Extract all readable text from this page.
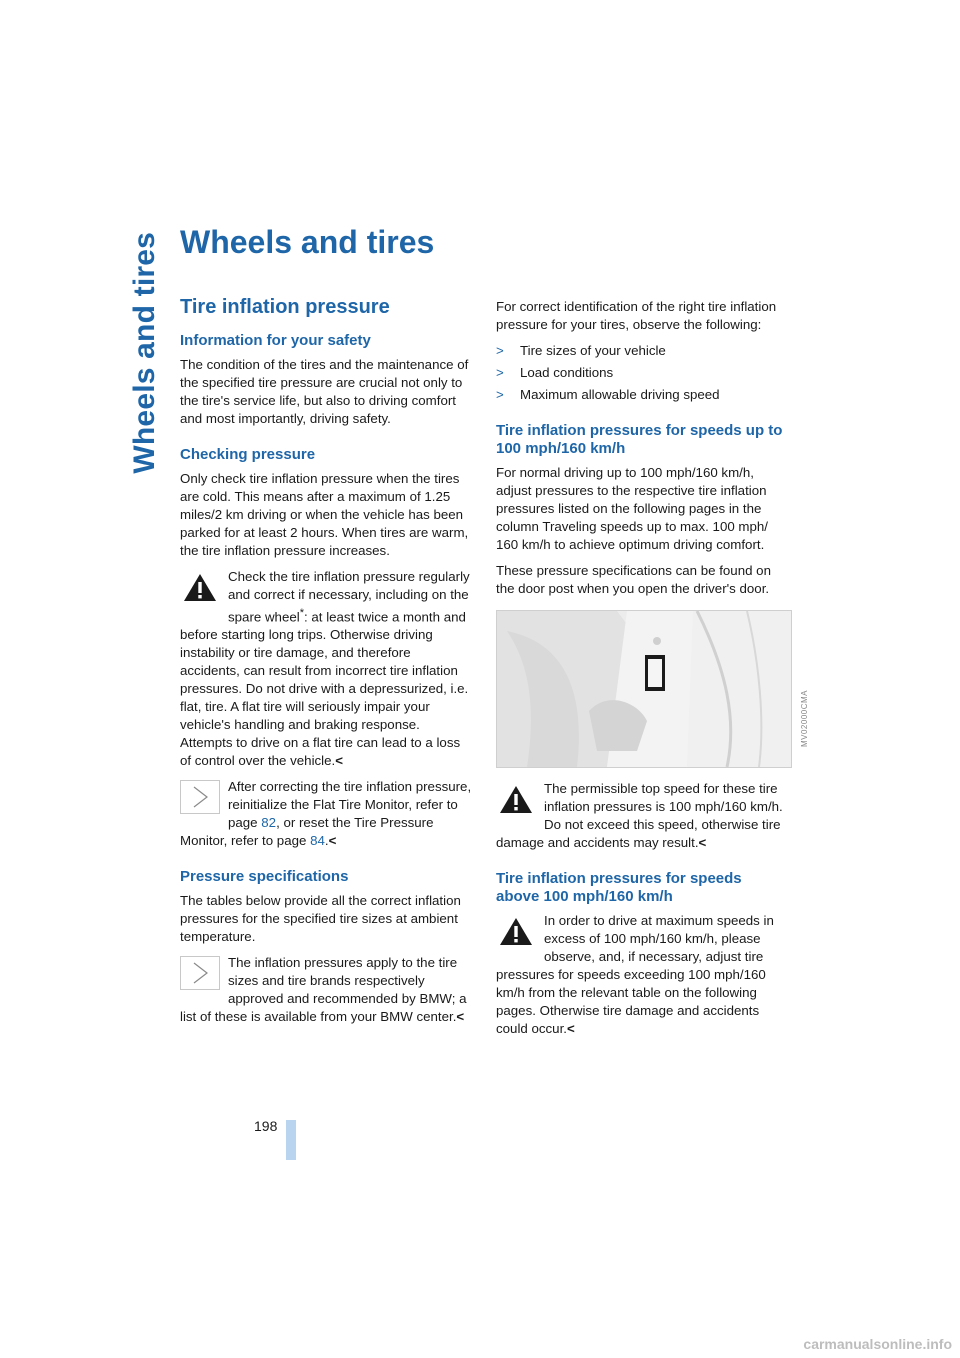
Wheels and tires Wheels and tires
Tire inflation pressure
Information for your safety

The condition of the tires and the maintenance of the specified tire pressure are crucial not only to the tire's service life, but also to driving comfort and most importantly, driving safety.

Checking pressure

Only check tire inflation pressure when the tires are cold. This means after a maximum of 1.25 miles/2 km driving or when the vehicle has been parked for at least 2 hours. When tires are warm, the tire inflation pressure increases.

Check the tire inflation pressure regularly and correct if necessary, including on the spare wheel*: at least twice a month and before starting long trips. Otherwise driving instability or tire damage, and therefore accidents, can result from incorrect tire inflation pressures. Do not drive with a depressurized, i.e. flat, tire. A flat tire will seriously impair your vehicle's handling and braking response. Attempts to drive on a flat tire can lead to a loss of control over the vehicle.<

After correcting the tire inflation pressure, reinitialize the Flat Tire Monitor, refer to page 82, or reset the Tire Pressure Monitor, refer to page 84.<

Pressure specifications

The tables below provide all the correct inflation pressures for the specified tire sizes at ambient temperature.

The inflation pressures apply to the tire sizes and tire brands respectively approved and recommended by BMW; a list of these is available from your BMW center.<

For correct identification of the right tire inflation pressure for your tires, observe the following:

> Tire sizes of your vehicle
> Load conditions
> Maximum allowable driving speed
Tire inflation pressures for speeds up to 100 mph/160 km/h

For normal driving up to 100 mph/160 km/h, adjust pressures to the respective tire inflation pressures listed on the following pages in the column Traveling speeds up to max. 100 mph/ 160 km/h to achieve optimum driving comfort.

These pressure specifications can be found on the door post when you open the driver's door.

The permissible top speed for these tire inflation pressures is 100 mph/160 km/h. Do not exceed this speed, otherwise tire damage and accidents may result.<

Tire inflation pressures for speeds above 100 mph/160 km/h

In order to drive at maximum speeds in excess of 100 mph/160 km/h, please observe, and, if necessary, adjust tire pressures for speeds exceeding 100 mph/160 km/h from the relevant table on the following pages. Otherwise tire damage and accidents could occur.<

MV02000CMA
198
carmanualsonline.info
